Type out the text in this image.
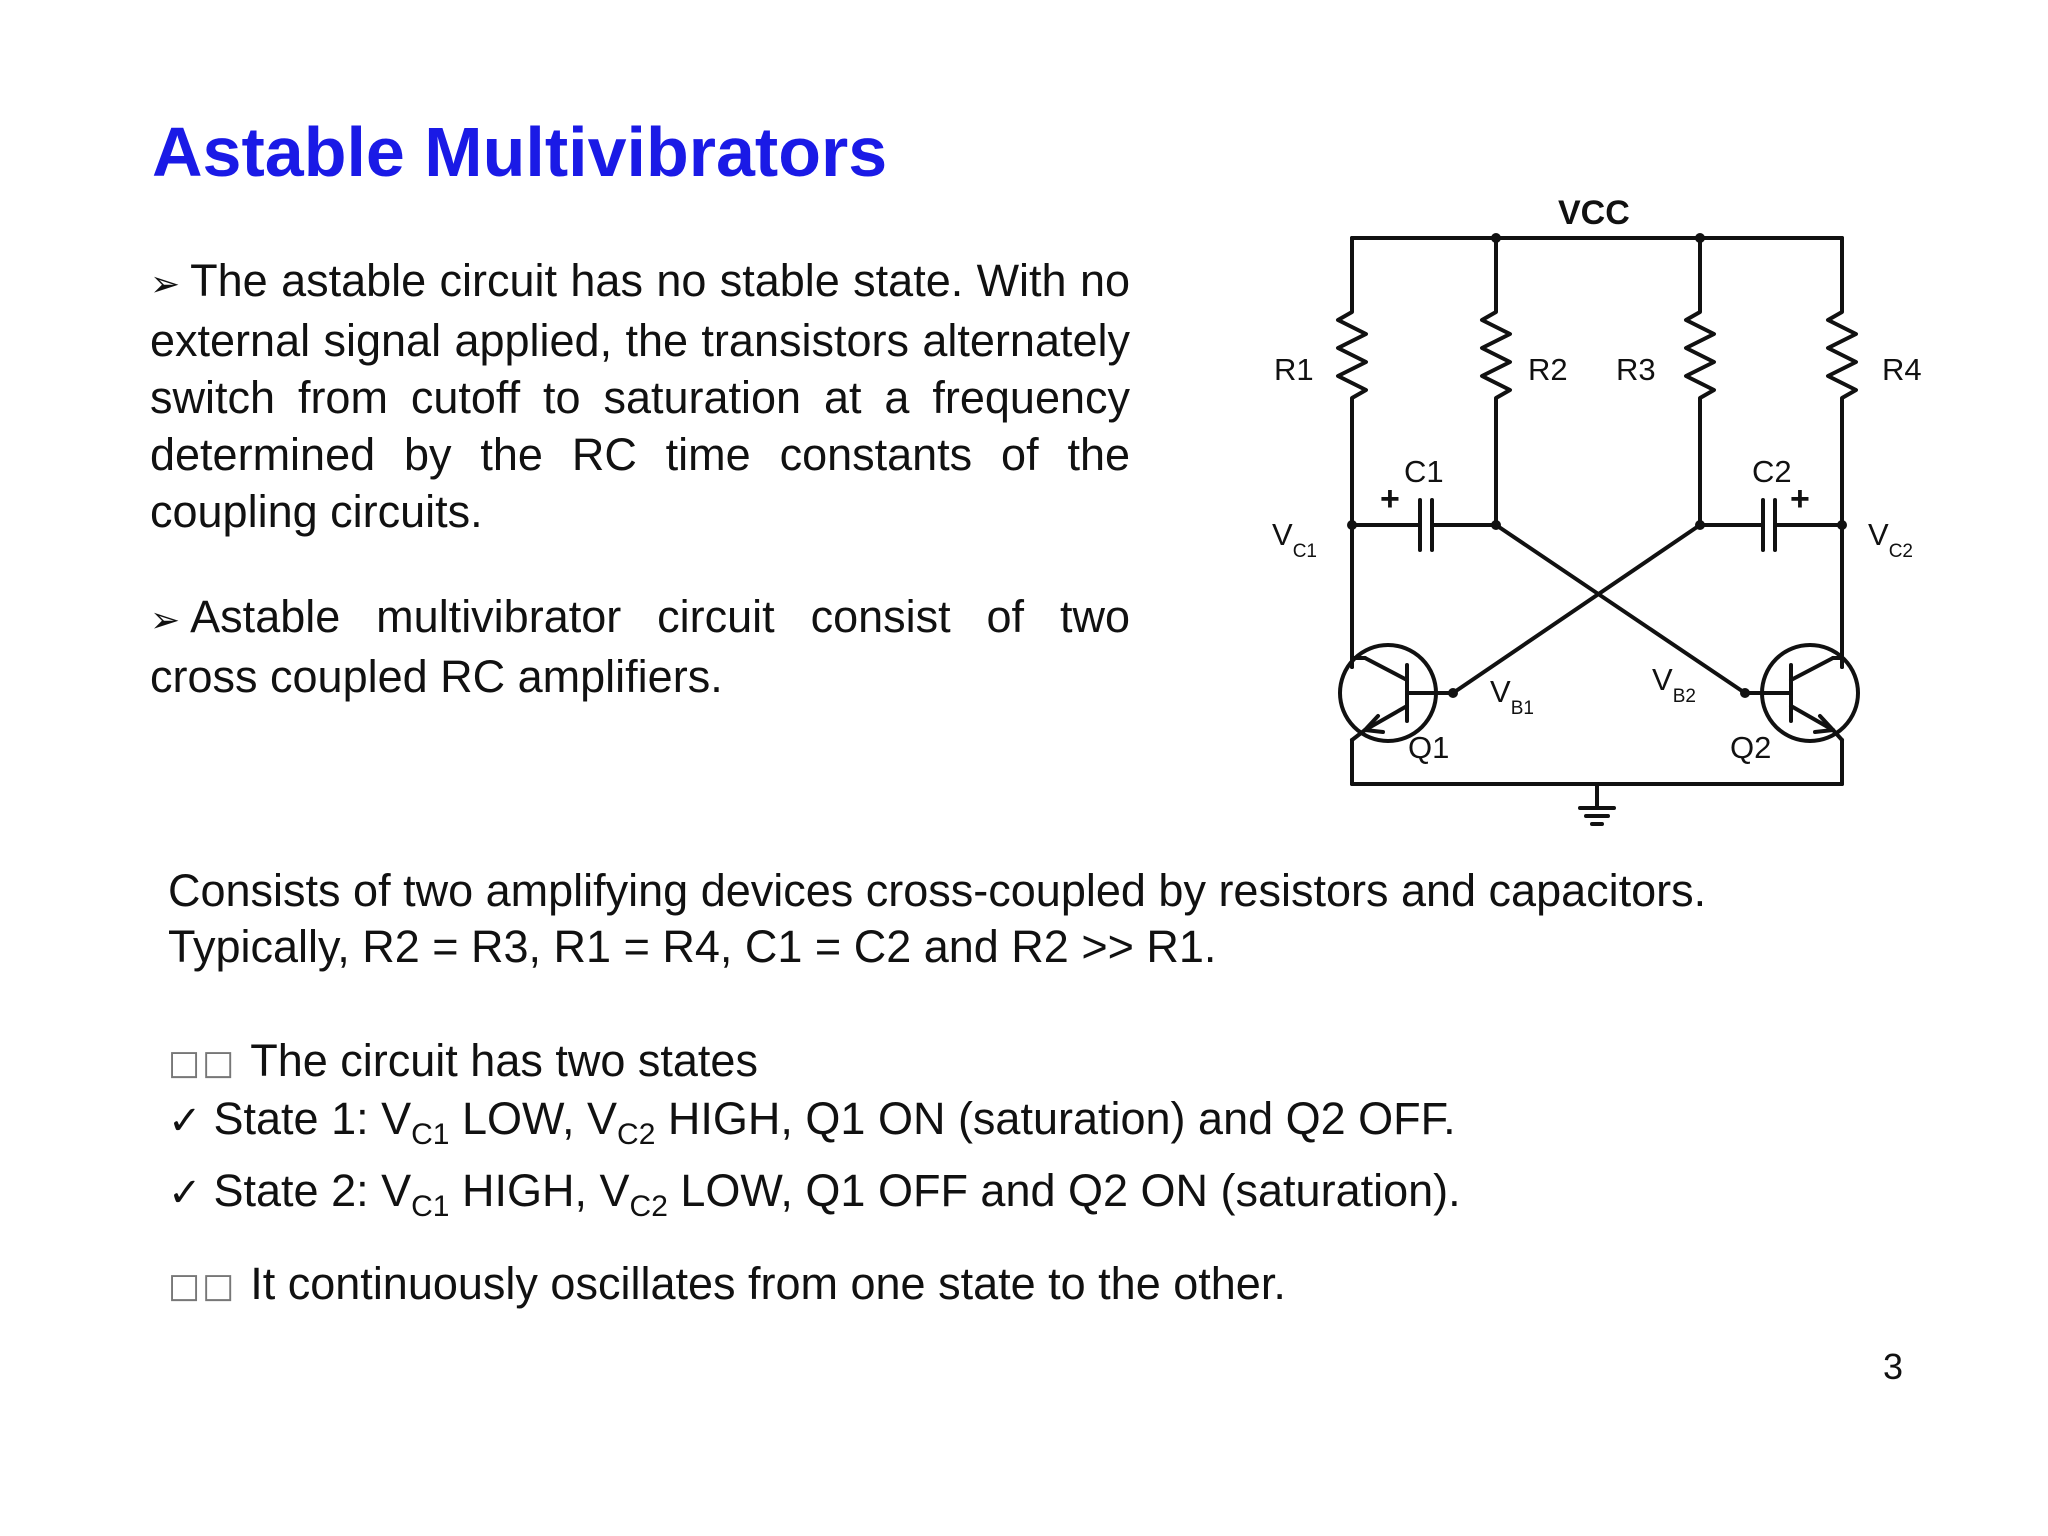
Astable Multivibrators
➢ The astable circuit has no stable state. With no external signal applied, the transistors alternately switch from cutoff to saturation at a frequency determined by the RC time constants of the coupling circuits.
➢ Astable multivibrator circuit consist of two cross coupled RC amplifiers.
VCC
R1	R2 R3	R4
C1	C2
+	+
$V_{C1}$	$V_{C2}$
$V_{B1}$
$V_{B2}$
Q1	Q2
Consists of two amplifying devices cross-coupled by resistors and capacitors.
Typically, R2 = R3, R1 = R4, C1 = C2 and R2 >> R1.
□□ The circuit has two states
✓ State 1: $V_{C1}$ LOW, $V_{C2}$ HIGH, Q1 ON (saturation) and Q2 OFF.
✓ State 2: $V_{C1}$ HIGH, $V_{C2}$ LOW, Q1 OFF and Q2 ON (saturation).
□□ It continuously oscillates from one state to the other.
3
